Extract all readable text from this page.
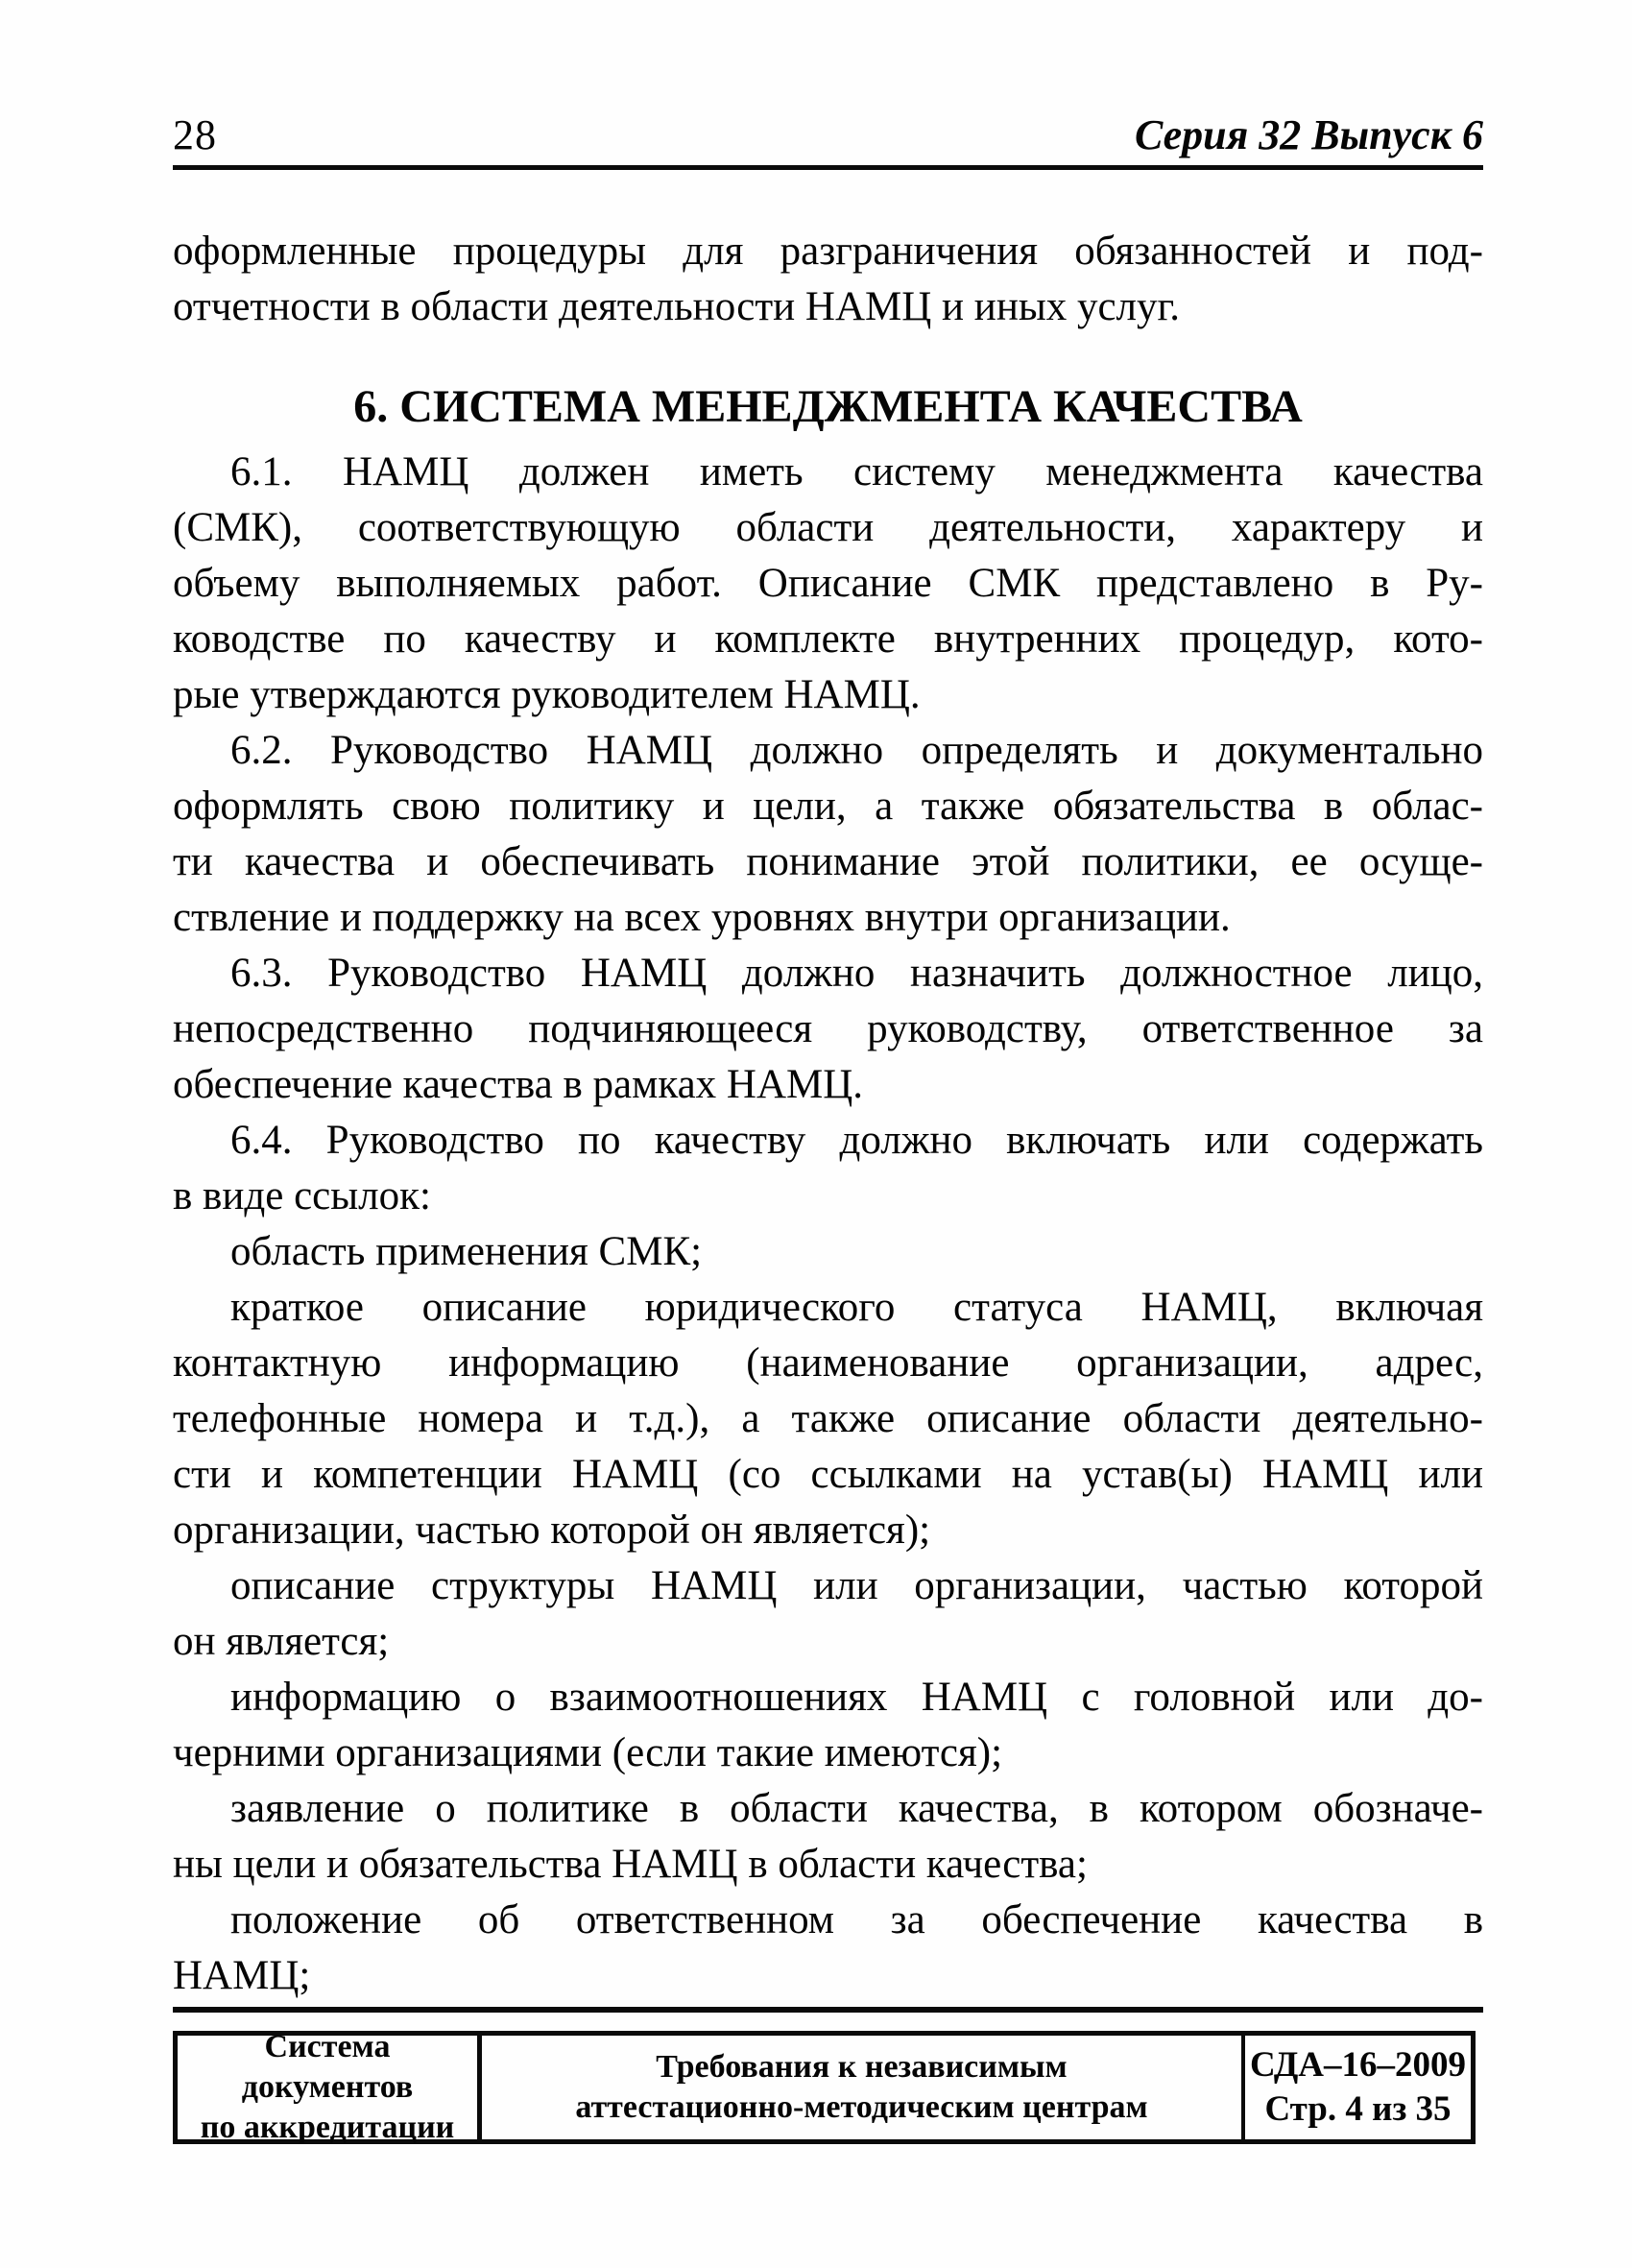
28	Серия 32 Выпуск 6
оформленные процедуры для разграничения обязанностей и под-
отчетности в области деятельности НАМЦ и иных услуг.
6. СИСТЕМА МЕНЕДЖМЕНТА КАЧЕСТВА
6.1. НАМЦ должен иметь систему менеджмента качества
(СМК), соответствующую области деятельности, характеру и
объему выполняемых работ. Описание СМК представлено в Ру-
ководстве по качеству и комплекте внутренних процедур, кото-
рые утверждаются руководителем НАМЦ.
6.2. Руководство НАМЦ должно определять и документально
оформлять свою политику и цели, а также обязательства в облас-
ти качества и обеспечивать понимание этой политики, ее осуще-
ствление и поддержку на всех уровнях внутри организации.
6.3. Руководство НАМЦ должно назначить должностное лицо,
непосредственно подчиняющееся руководству, ответственное за
обеспечение качества в рамках НАМЦ.
6.4. Руководство по качеству должно включать или содержать
в виде ссылок:
область применения СМК;
краткое описание юридического статуса НАМЦ, включая
контактную информацию (наименование организации, адрес,
телефонные номера и т.д.), а также описание области деятельно-
сти и компетенции НАМЦ (со ссылками на устав(ы) НАМЦ или
организации, частью которой он является);
описание структуры НАМЦ или организации, частью которой
он является;
информацию о взаимоотношениях НАМЦ с головной или до-
черними организациями (если такие имеются);
заявление о политике в области качества, в котором обозначе-
ны цели и обязательства НАМЦ в области качества;
положение об ответственном за обеспечение качества в
НАМЦ;
Система документов
по аккредитации
Требования к независимым
аттестационно-методическим центрам
СДА–16–2009
Стр. 4 из 35
